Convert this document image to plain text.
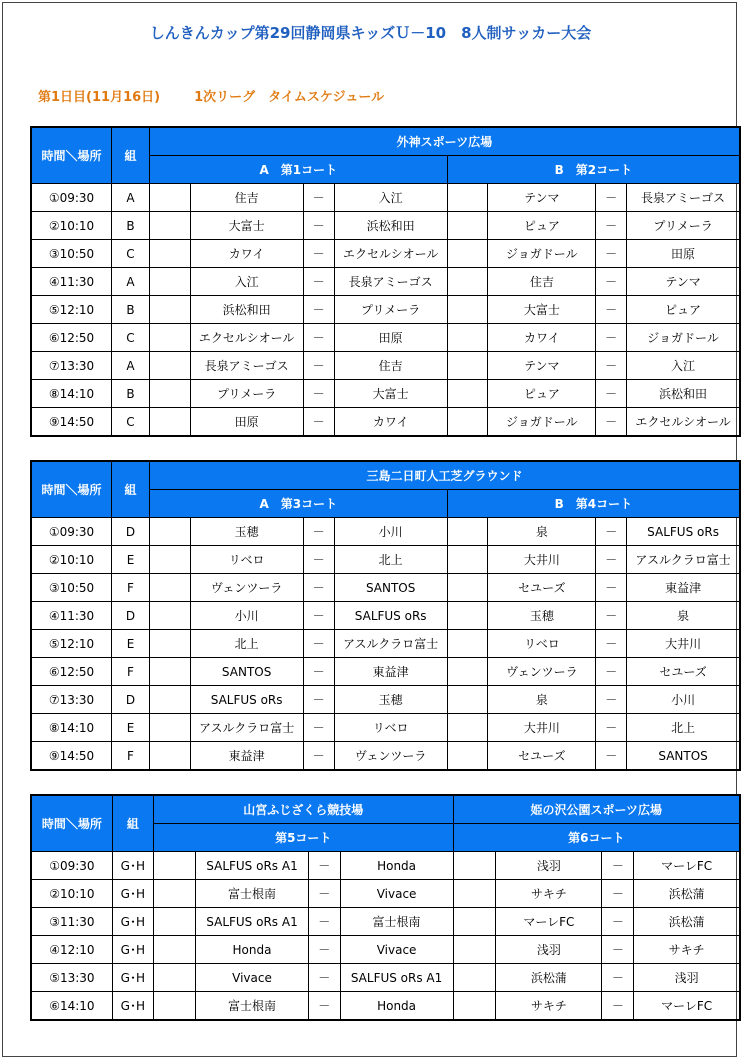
しんきんカップ第29回静岡県キッズＵ－10　8人制サッカー大会
第1日目(11月16日)	1次リーグ　タイムスケジュール
時間＼場所	組	外神スポーツ広場							
		A　第1コート				B　第2コート			
①09:30	A		住吉	－	入江		テンマ	－	長泉アミーゴス
②10:10	B		大富士	－	浜松和田		ピュア	－	プリメーラ
③10:50	C		カワイ	－	エクセルシオール		ジョガドール	－	田原
④11:30	A		入江	－	長泉アミーゴス		住吉	－	テンマ
⑤12:10	B		浜松和田	－	プリメーラ		大富士	－	ピュア
⑥12:50	C		エクセルシオール	－	田原		カワイ	－	ジョガドール
⑦13:30	A		長泉アミーゴス	－	住吉		テンマ	－	入江
⑧14:10	B		プリメーラ	－	大富士		ピュア	－	浜松和田
⑨14:50	C		田原	－	カワイ		ジョガドール	－	エクセルシオール
時間＼場所	組	三島二日町人工芝グラウンド							
		A　第3コート				B　第4コート			
①09:30	D		玉穂	－	小川		泉	－	SALFUS oRs
②10:10	E		リベロ	－	北上		大井川	－	アスルクラロ富士
③10:50	F		ヴェンツーラ	－	SANTOS		セユーズ	－	東益津
④11:30	D		小川	－	SALFUS oRs		玉穂	－	泉
⑤12:10	E		北上	－	アスルクラロ富士		リベロ	－	大井川
⑥12:50	F		SANTOS	－	東益津		ヴェンツーラ	－	セユーズ
⑦13:30	D		SALFUS oRs	－	玉穂		泉	－	小川
⑧14:10	E		アスルクラロ富士	－	リベロ		大井川	－	北上
⑨14:50	F		東益津	－	ヴェンツーラ		セユーズ	－	SANTOS
時間＼場所	組	山宮ふじざくら競技場				姫の沢公園スポーツ広場			
		第5コート				第6コート			
①09:30	G･H		SALFUS oRs A1	－	Honda		浅羽	－	マーレFC
②10:10	G･H		富士根南	－	Vivace		サキチ	－	浜松蒲
③11:30	G･H		SALFUS oRs A1	－	富士根南		マーレFC	－	浜松蒲
④12:10	G･H		Honda	－	Vivace		浅羽	－	サキチ
⑤13:30	G･H		Vivace	－	SALFUS oRs A1		浜松蒲	－	浅羽
⑥14:10	G･H		富士根南	－	Honda		サキチ	－	マーレFC
